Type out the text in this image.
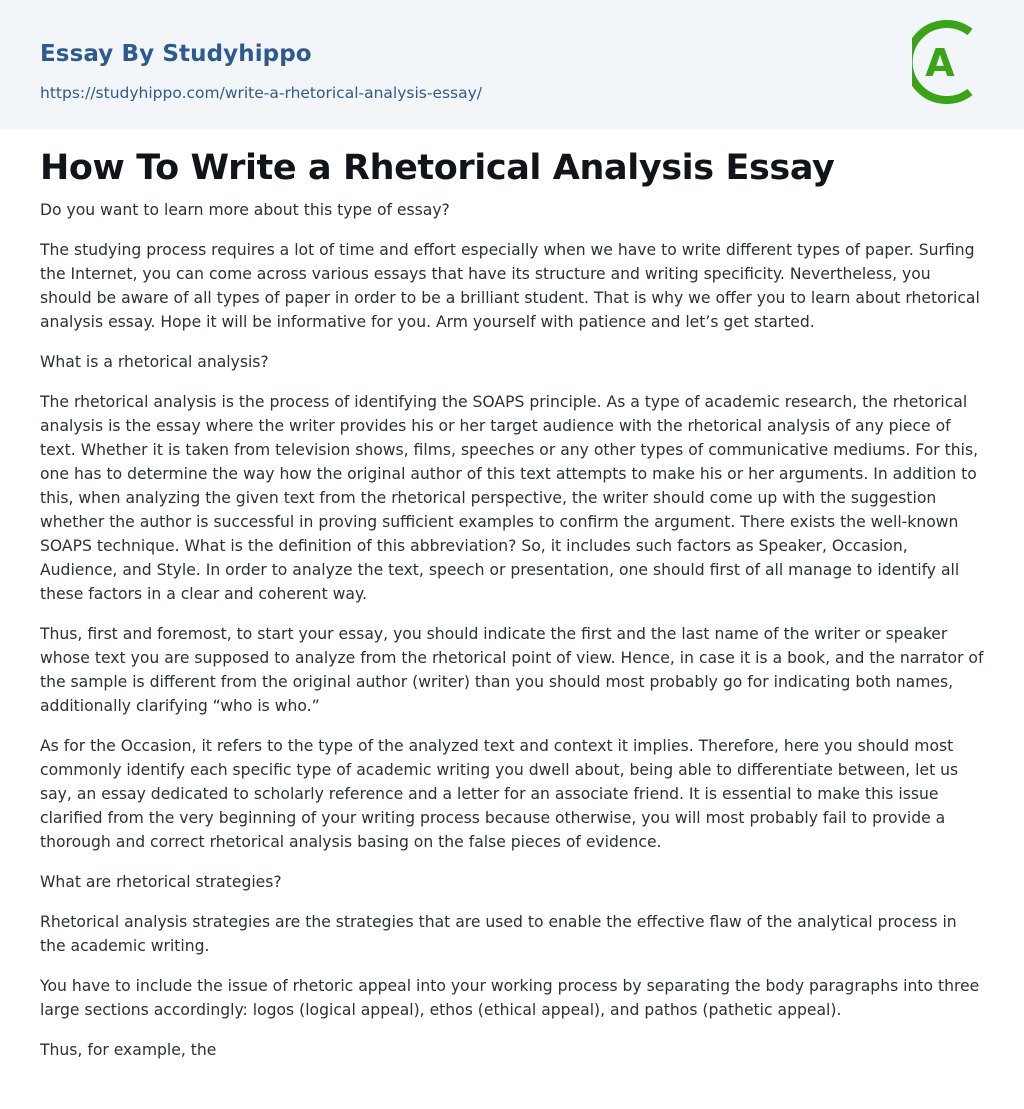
Essay By Studyhippo
https://studyhippo.com/write-a-rhetorical-analysis-essay/
A
How To Write a Rhetorical Analysis Essay

Do you want to learn more about this type of essay?

The studying process requires a lot of time and effort especially when we have to write different types of paper. Surfing the Internet, you can come across various essays that have its structure and writing specificity. Nevertheless, you should be aware of all types of paper in order to be a brilliant student. That is why we offer you to learn about rhetorical analysis essay. Hope it will be informative for you. Arm yourself with patience and let’s get started.

What is a rhetorical analysis?

The rhetorical analysis is the process of identifying the SOAPS principle. As a type of academic research, the rhetorical analysis is the essay where the writer provides his or her target audience with the rhetorical analysis of any piece of text. Whether it is taken from television shows, films, speeches or any other types of communicative mediums. For this, one has to determine the way how the original author of this text attempts to make his or her arguments. In addition to this, when analyzing the given text from the rhetorical perspective, the writer should come up with the suggestion whether the author is successful in proving sufficient examples to confirm the argument. There exists the well-known SOAPS technique. What is the definition of this abbreviation? So, it includes such factors as Speaker, Occasion, Audience, and Style. In order to analyze the text, speech or presentation, one should first of all manage to identify all these factors in a clear and coherent way.

Thus, first and foremost, to start your essay, you should indicate the first and the last name of the writer or speaker whose text you are supposed to analyze from the rhetorical point of view. Hence, in case it is a book, and the narrator of the sample is different from the original author (writer) than you should most probably go for indicating both names, additionally clarifying “who is who.”

As for the Occasion, it refers to the type of the analyzed text and context it implies. Therefore, here you should most commonly identify each specific type of academic writing you dwell about, being able to differentiate between, let us say, an essay dedicated to scholarly reference and a letter for an associate friend. It is essential to make this issue clarified from the very beginning of your writing process because otherwise, you will most probably fail to provide a thorough and correct rhetorical analysis basing on the false pieces of evidence.

What are rhetorical strategies?

Rhetorical analysis strategies are the strategies that are used to enable the effective flaw of the analytical process in the academic writing.

You have to include the issue of rhetoric appeal into your working process by separating the body paragraphs into three large sections accordingly: logos (logical appeal), ethos (ethical appeal), and pathos (pathetic appeal).

Thus, for example, the
